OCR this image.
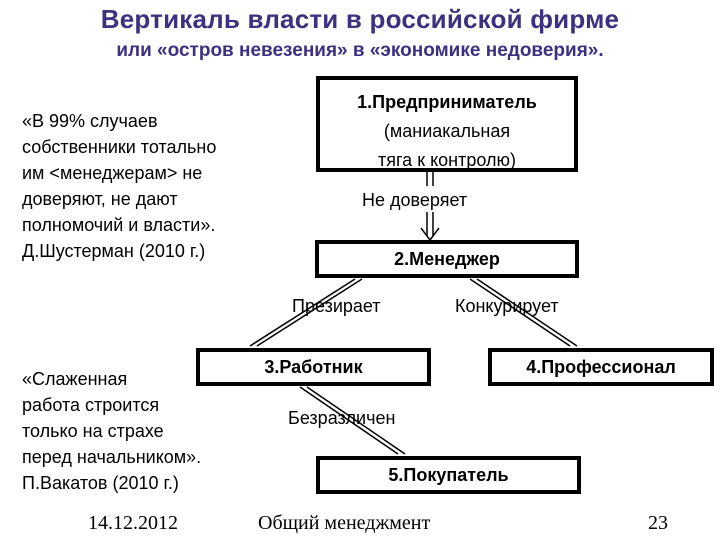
Вертикаль власти в российской фирме
или «остров невезения» в «экономике недоверия».
«В 99% случаев
собственники тотально
им <менеджерам> не
доверяют, не дают
полномочий и власти».
Д.Шустерман (2010 г.)
«Слаженная
работа строится
только на страхе
перед начальником».
П.Вакатов (2010 г.)
1.Предприниматель
(маниакальная
тяга к контролю)
2.Менеджер
3.Работник	4.Профессионал
5.Покупатель
Не доверяет
Презирает	Конкурирует
Безразличен
14.12.2012	Общий менеджмент	23
